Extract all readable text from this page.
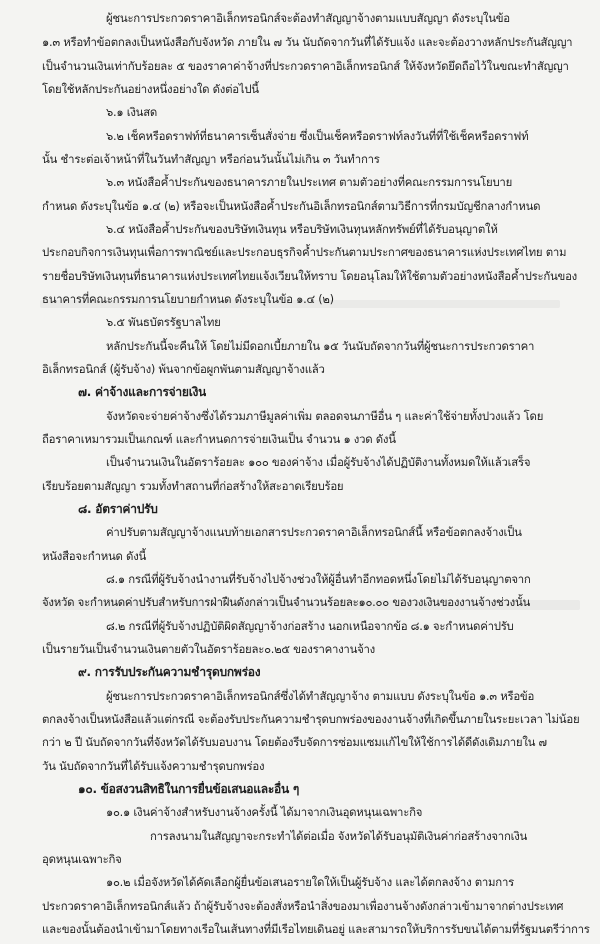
ผู้ชนะการประกวดราคาอิเล็กทรอนิกส์จะต้องทำสัญญาจ้างตามแบบสัญญา ดังระบุในข้อ
๑.๓ หรือทำข้อตกลงเป็นหนังสือกับจังหวัด ภายใน ๗ วัน นับถัดจากวันที่ได้รับแจ้ง และจะต้องวางหลักประกันสัญญา
เป็นจำนวนเงินเท่ากับร้อยละ ๕ ของราคาค่าจ้างที่ประกวดราคาอิเล็กทรอนิกส์ ให้จังหวัดยึดถือไว้ในขณะทำสัญญา
โดยใช้หลักประกันอย่างหนึ่งอย่างใด ดังต่อไปนี้
๖.๑ เงินสด
๖.๒ เช็คหรือดราฟท์ที่ธนาคารเซ็นสั่งจ่าย ซึ่งเป็นเช็คหรือดราฟท์ลงวันที่ที่ใช้เช็คหรือดราฟท์
นั้น ชำระต่อเจ้าหน้าที่ในวันทำสัญญา หรือก่อนวันนั้นไม่เกิน ๓ วันทำการ
๖.๓ หนังสือค้ำประกันของธนาคารภายในประเทศ ตามตัวอย่างที่คณะกรรมการนโยบาย
กำหนด ดังระบุในข้อ ๑.๔ (๒) หรือจะเป็นหนังสือค้ำประกันอิเล็กทรอนิกส์ตามวิธีการที่กรมบัญชีกลางกำหนด
๖.๔ หนังสือค้ำประกันของบริษัทเงินทุน หรือบริษัทเงินทุนหลักทรัพย์ที่ได้รับอนุญาตให้
ประกอบกิจการเงินทุนเพื่อการพาณิชย์และประกอบธุรกิจค้ำประกันตามประกาศของธนาคารแห่งประเทศไทย ตาม
รายชื่อบริษัทเงินทุนที่ธนาคารแห่งประเทศไทยแจ้งเวียนให้ทราบ โดยอนุโลมให้ใช้ตามตัวอย่างหนังสือค้ำประกันของ
ธนาคารที่คณะกรรมการนโยบายกำหนด ดังระบุในข้อ ๑.๔ (๒)
๖.๕ พันธบัตรรัฐบาลไทย
หลักประกันนี้จะคืนให้ โดยไม่มีดอกเบี้ยภายใน ๑๕ วันนับถัดจากวันที่ผู้ชนะการประกวดราคา
อิเล็กทรอนิกส์ (ผู้รับจ้าง) พ้นจากข้อผูกพันตามสัญญาจ้างแล้ว
๗. ค่าจ้างและการจ่ายเงิน
จังหวัดจะจ่ายค่าจ้างซึ่งได้รวมภาษีมูลค่าเพิ่ม ตลอดจนภาษีอื่น ๆ และค่าใช้จ่ายทั้งปวงแล้ว โดย
ถือราคาเหมารวมเป็นเกณฑ์ และกำหนดการจ่ายเงินเป็น จำนวน ๑ งวด ดังนี้
เป็นจำนวนเงินในอัตราร้อยละ ๑๐๐ ของค่าจ้าง เมื่อผู้รับจ้างได้ปฏิบัติงานทั้งหมดให้แล้วเสร็จ
เรียบร้อยตามสัญญา รวมทั้งทำสถานที่ก่อสร้างให้สะอาดเรียบร้อย
๘. อัตราค่าปรับ
ค่าปรับตามสัญญาจ้างแนบท้ายเอกสารประกวดราคาอิเล็กทรอนิกส์นี้ หรือข้อตกลงจ้างเป็น
หนังสือจะกำหนด ดังนี้
๘.๑ กรณีที่ผู้รับจ้างนำงานที่รับจ้างไปจ้างช่วงให้ผู้อื่นทำอีกทอดหนึ่งโดยไม่ได้รับอนุญาตจาก
จังหวัด จะกำหนดค่าปรับสำหรับการฝ่าฝืนดังกล่าวเป็นจำนวนร้อยละ๑๐.๐๐ ของวงเงินของงานจ้างช่วงนั้น
๘.๒ กรณีที่ผู้รับจ้างปฏิบัติผิดสัญญาจ้างก่อสร้าง นอกเหนือจากข้อ ๘.๑ จะกำหนดค่าปรับ
เป็นรายวันเป็นจำนวนเงินตายตัวในอัตราร้อยละ๐.๒๕ ของราคางานจ้าง
๙. การรับประกันความชำรุดบกพร่อง
ผู้ชนะการประกวดราคาอิเล็กทรอนิกส์ซึ่งได้ทำสัญญาจ้าง ตามแบบ ดังระบุในข้อ ๑.๓ หรือข้อ
ตกลงจ้างเป็นหนังสือแล้วแต่กรณี จะต้องรับประกันความชำรุดบกพร่องของงานจ้างที่เกิดขึ้นภายในระยะเวลา ไม่น้อย
กว่า ๒ ปี นับถัดจากวันที่จังหวัดได้รับมอบงาน โดยต้องรีบจัดการซ่อมแซมแก้ไขให้ใช้การได้ดีดังเดิมภายใน ๗
วัน นับถัดจากวันที่ได้รับแจ้งความชำรุดบกพร่อง
๑๐. ข้อสงวนสิทธิในการยื่นข้อเสนอและอื่น ๆ
๑๐.๑ เงินค่าจ้างสำหรับงานจ้างครั้งนี้ ได้มาจากเงินอุดหนุนเฉพาะกิจ
การลงนามในสัญญาจะกระทำได้ต่อเมื่อ จังหวัดได้รับอนุมัติเงินค่าก่อสร้างจากเงิน
อุดหนุนเฉพาะกิจ
๑๐.๒ เมื่อจังหวัดได้คัดเลือกผู้ยื่นข้อเสนอรายใดให้เป็นผู้รับจ้าง และได้ตกลงจ้าง ตามการ
ประกวดราคาอิเล็กทรอนิกส์แล้ว ถ้าผู้รับจ้างจะต้องสั่งหรือนำสิ่งของมาเพื่องานจ้างดังกล่าวเข้ามาจากต่างประเทศ
และของนั้นต้องนำเข้ามาโดยทางเรือในเส้นทางที่มีเรือไทยเดินอยู่ และสามารถให้บริการรับขนได้ตามที่รัฐมนตรีว่าการ
